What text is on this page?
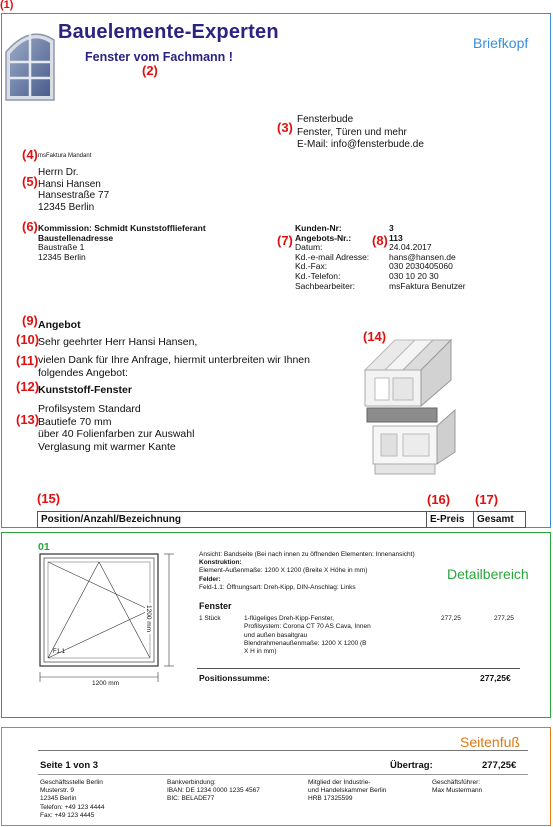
Briefkopf
Detailbereich
Seitenfuß
Bauelemente-Experten
Fenster vom Fachmann !
Fensterbude
Fenster, Türen und mehr
E-Mail: info@fensterbude.de
msFaktura Mandant
Herrn Dr.
Hansi Hansen
Hansestraße 77
12345 Berlin
Kommission: Schmidt Kunststofflieferant
Baustellenadresse
Baustraße 1
12345 Berlin
Kunden-Nr:	3
Angebots-Nr.:	113
Datum:	24.04.2017
Kd.-e-mail Adresse:	hans@hansen.de
Kd.-Fax:	030 2030405060
Kd.-Telefon:	030 10 20 30
Sachbearbeiter:	msFaktura Benutzer
Angebot
Sehr geehrter Herr Hansi Hansen,
vielen Dank für Ihre Anfrage, hiermit unterbreiten wir Ihnen
folgendes Angebot:
Kunststoff-Fenster
Profilsystem Standard
Bautiefe 70 mm
über 40 Folienfarben zur Auswahl
Verglasung mit warmer Kante
Position/Anzahl/Bezeichnung	E-Preis	Gesamt
01
F1.1
1200 mm
1200 mm
Ansicht: Bandseite (Bei nach innen zu öffnenden Elementen: Innenansicht)
Konstruktion:
Element-Außenmaße: 1200 X 1200 (Breite X Höhe in mm)
Felder:
Feld-1.1: Öffnungsart: Dreh-Kipp, DIN-Anschlag: Links
Fenster
1 Stück	1-flügeliges Dreh-Kipp-Fenster,
Profilsystem: Corona CT 70 AS Cava, Innen
und außen basaltgrau
Blendrahmenaußenmaße: 1200 X 1200 (B
X H in mm)
277,25	277,25
Positionssumme:	277,25€
Seite 1 von 3	Übertrag:	277,25€
Geschäftsstelle Berlin
Musterstr. 9
12345 Berlin
Telefon: +49 123 4444
Fax: +49 123 4445
Bankverbindung:
IBAN: DE 1234 0000 1235 4567
BIC: BELADE77
Mitglied der Industrie-
und Handelskammer Berlin
HRB 17325599
Geschäftsführer:
Max Mustermann
(1)
(2)
(3)
(4)
(5)
(6)
(7)	(8)
(9)
(10)
(11)
(12)
(13)
(14)
(15)	(16) (17)
